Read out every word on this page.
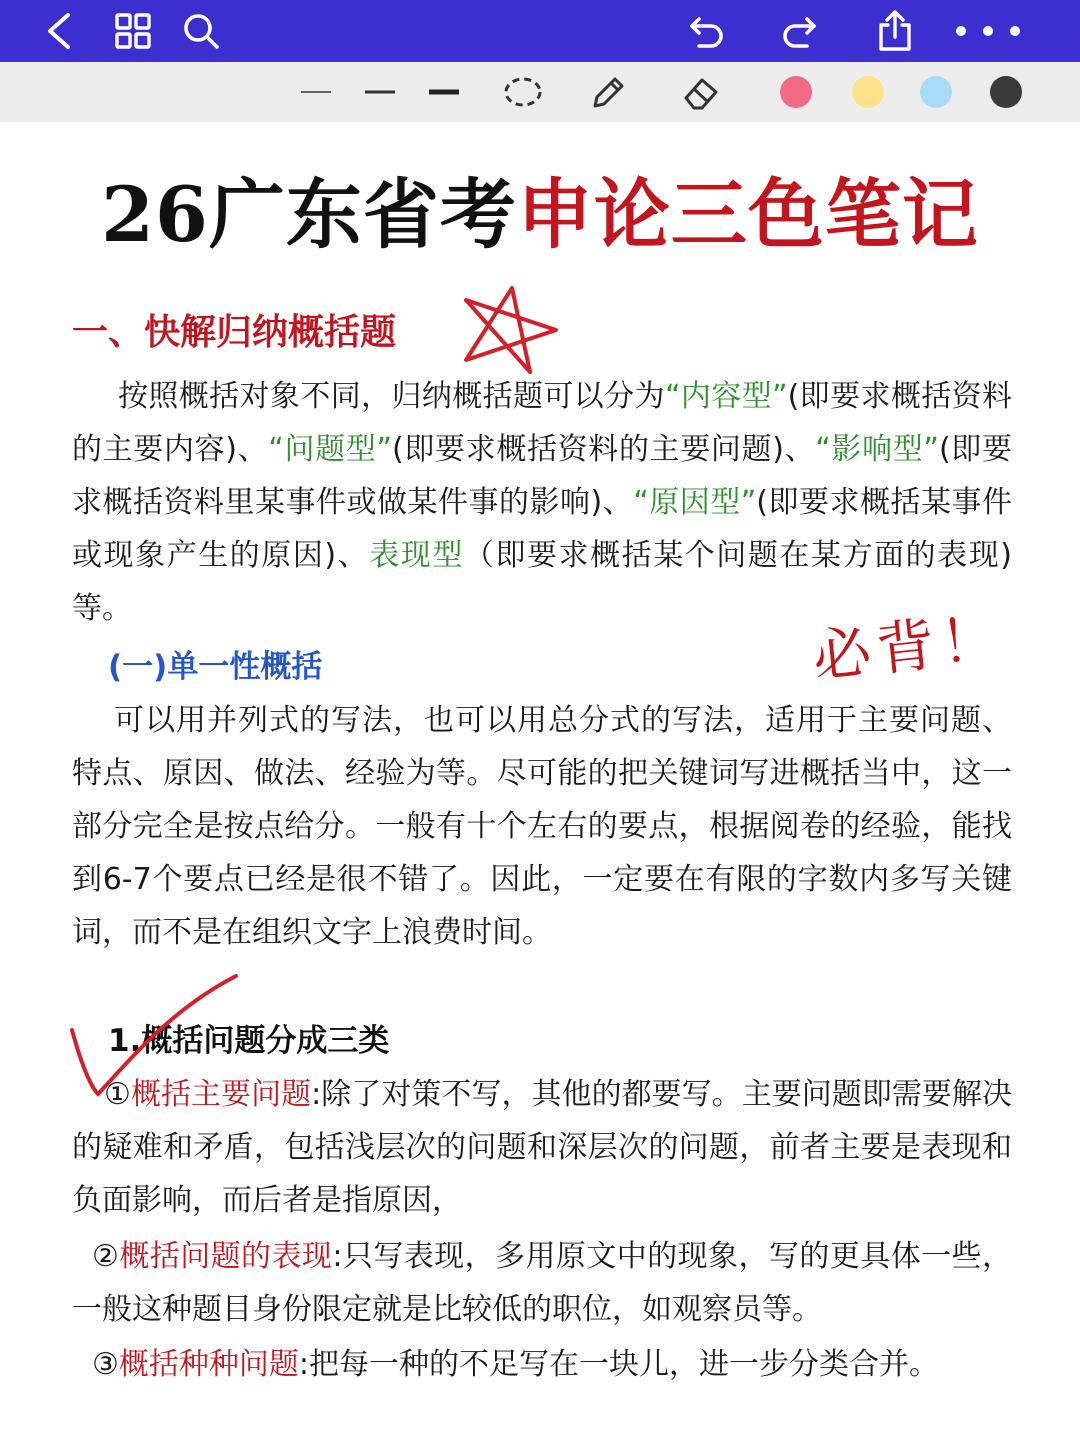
26广东省考申论三色笔记
一、快解归纳概括题
按照概括对象不同，归纳概括题可以分为“内容型”(即要求概括资料的主要内容)、“问题型”(即要求概括资料的主要问题)、“影响型”(即要求概括资料里某事件或做某件事的影响)、“原因型”(即要求概括某事件或现象产生的原因)、表现型（即要求概括某个问题在某方面的表现)等。
(一)单一性概括
可以用并列式的写法，也可以用总分式的写法，适用于主要问题、特点、原因、做法、经验为等。尽可能的把关键词写进概括当中，这一部分完全是按点给分。一般有十个左右的要点，根据阅卷的经验，能找到6-7个要点已经是很不错了。因此，一定要在有限的字数内多写关键词，而不是在组织文字上浪费时间。
1.概括问题分成三类
①概括主要问题:除了对策不写，其他的都要写。主要问题即需要解决的疑难和矛盾，包括浅层次的问题和深层次的问题，前者主要是表现和负面影响，而后者是指原因，
②概括问题的表现:只写表现，多用原文中的现象，写的更具体一些，一般这种题目身份限定就是比较低的职位，如观察员等。
③概括种种问题:把每一种的不足写在一块儿，进一步分类合并。
必背！
